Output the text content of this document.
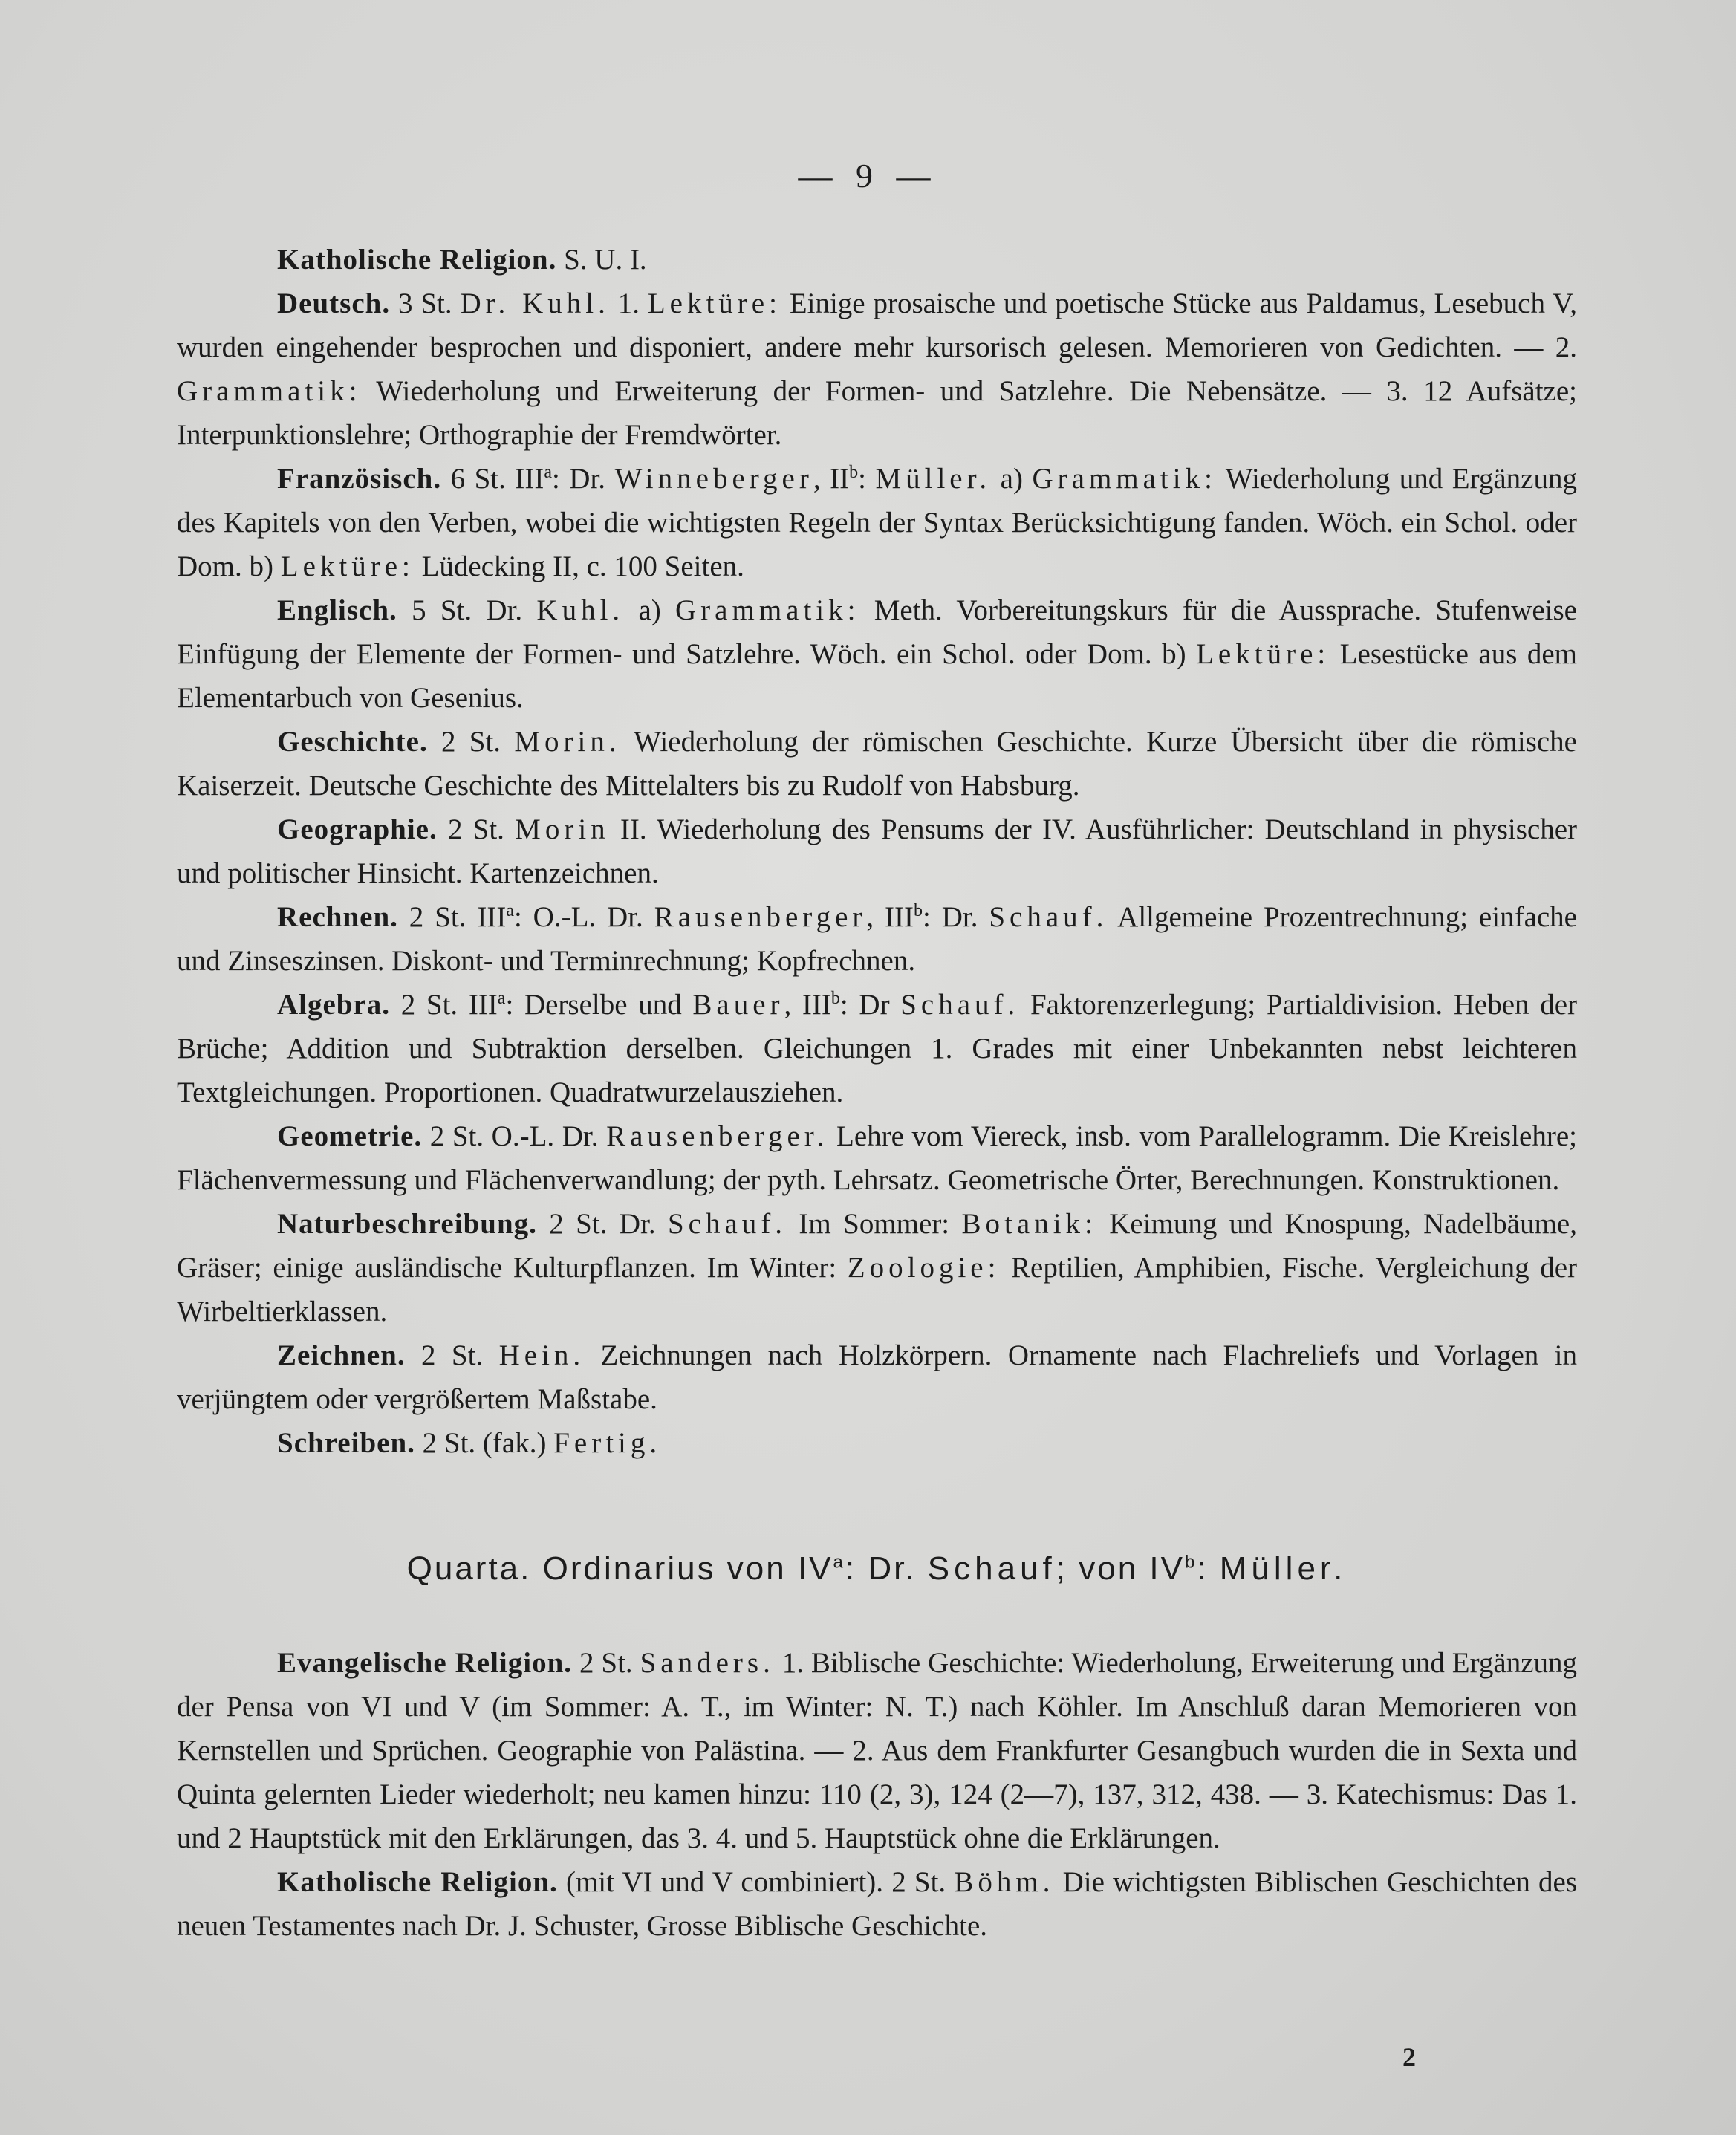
— 9 —

Katholische Religion. S. U. I.

Deutsch. 3 St. Dr. Kuhl. 1. Lektüre: Einige prosaische und poetische Stücke aus Paldamus, Lesebuch V, wurden eingehender besprochen und disponiert, andere mehr kursorisch gelesen. Memorieren von Gedichten. — 2. Grammatik: Wiederholung und Erweiterung der Formen- und Satzlehre. Die Nebensätze. — 3. 12 Aufsätze; Interpunktionslehre; Orthographie der Fremdwörter.

Französisch. 6 St. III$^a$: Dr. Winneberger, $II^b$: Müller. a) Grammatik: Wiederholung und Ergänzung des Kapitels von den Verben, wobei die wichtigsten Regeln der Syntax Berücksichtigung fanden. Wöch. ein Schol. oder Dom. b) Lektüre: Lüdecking II, c. 100 Seiten.

Englisch. 5 St. Dr. Kuhl. a) Grammatik: Meth. Vorbereitungskurs für die Aussprache. Stufenweise Einfügung der Elemente der Formen- und Satzlehre. Wöch. ein Schol. oder Dom. b) Lektüre: Lesestücke aus dem Elementarbuch von Gesenius.

Geschichte. 2 St. Morin. Wiederholung der römischen Geschichte. Kurze Übersicht über die römische Kaiserzeit. Deutsche Geschichte des Mittelalters bis zu Rudolf von Habsburg.

Geographie. 2 St. Morin II. Wiederholung des Pensums der IV. Ausführlicher: Deutschland in physischer und politischer Hinsicht. Kartenzeichnen.

Rechnen. 2 St. III$^a$: O.-L. Dr. Rausenberger, III$^b$: Dr. Schauf. Allgemeine Prozentrechnung; einfache und Zinseszinsen. Diskont- und Terminrechnung; Kopfrechnen.

Algebra. 2 St. III$^a$: Derselbe und Bauer, III$^b$: Dr Schauf. Faktorenzerlegung; Partialdivision. Heben der Brüche; Addition und Subtraktion derselben. Gleichungen 1. Grades mit einer Unbekannten nebst leichteren Textgleichungen. Proportionen. Quadratwurzelausziehen.

Geometrie. 2 St. O.-L. Dr. Rausenberger. Lehre vom Viereck, insb. vom Parallelogramm. Die Kreislehre; Flächenvermessung und Flächenverwandlung; der pyth. Lehrsatz. Geometrische Örter, Berechnungen. Konstruktionen.

Naturbeschreibung. 2 St. Dr. Schauf. Im Sommer: Botanik: Keimung und Knospung, Nadelbäume, Gräser; einige ausländische Kulturpflanzen. Im Winter: Zoologie: Reptilien, Amphibien, Fische. Vergleichung der Wirbeltierklassen.

Zeichnen. 2 St. Hein. Zeichnungen nach Holzkörpern. Ornamente nach Flachreliefs und Vorlagen in verjüngtem oder vergrößertem Maßstabe.

Schreiben. 2 St. (fak.) Fertig.

Quarta. Ordinarius von $IV^a$: Dr. Schauf; von $IV^b$: Müller.

Evangelische Religion. 2 St. Sanders. 1. Biblische Geschichte: Wiederholung, Erweiterung und Ergänzung der Pensa von VI und V (im Sommer: A. T., im Winter: N. T.) nach Köhler. Im Anschluß daran Memorieren von Kernstellen und Sprüchen. Geographie von Palästina. — 2. Aus dem Frankfurter Gesangbuch wurden die in Sexta und Quinta gelernten Lieder wiederholt; neu kamen hinzu: 110 (2, 3), 124 (2—7), 137, 312, 438. — 3. Katechismus: Das 1. und 2 Hauptstück mit den Erklärungen, das 3. 4. und 5. Hauptstück ohne die Erklärungen.

Katholische Religion. (mit VI und V combiniert). 2 St. Böhm. Die wichtigsten Biblischen Geschichten des neuen Testamentes nach Dr. J. Schuster, Grosse Biblische Geschichte.

2
